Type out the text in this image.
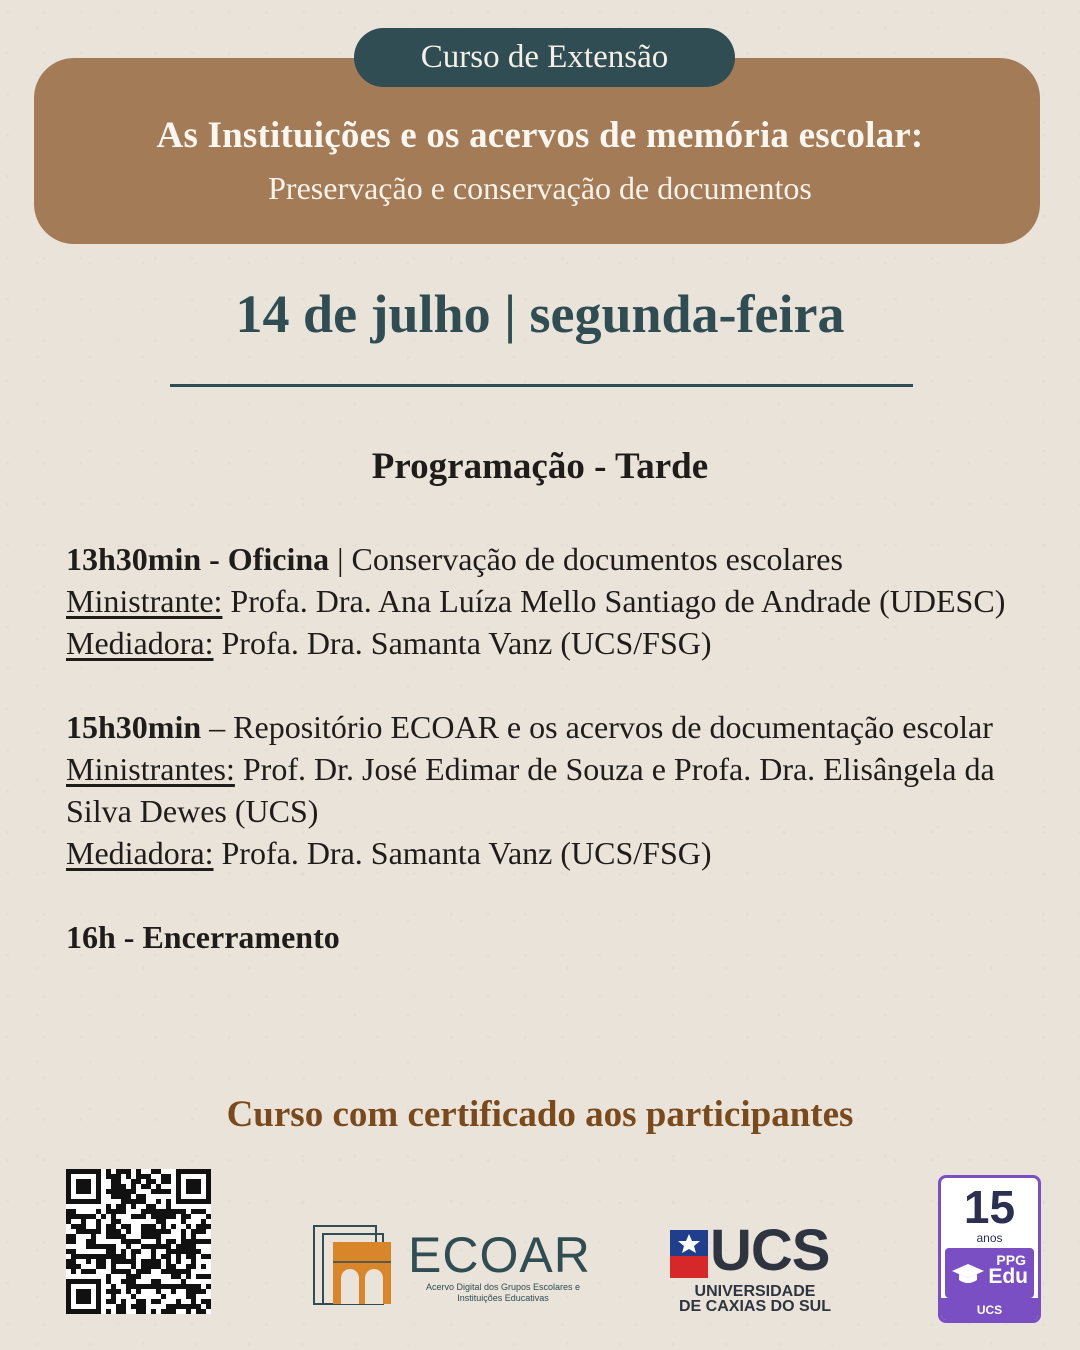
Curso de Extensão
As Instituições e os acervos de memória escolar:
Preservação e conservação de documentos
14 de julho | segunda-feira
Programação - Tarde

13h30min - Oficina | Conservação de documentos escolares

Ministrante: Profa. Dra. Ana Luíza Mello Santiago de Andrade (UDESC)

Mediadora: Profa. Dra. Samanta Vanz (UCS/FSG)

15h30min – Repositório ECOAR e os acervos de documentação escolar

Ministrantes: Prof. Dr. José Edimar de Souza e Profa. Dra. Elisângela da Silva Dewes (UCS)

Mediadora: Profa. Dra. Samanta Vanz (UCS/FSG)

16h - Encerramento

Curso com certificado aos participantes
ECOAR
Acervo Digital dos Grupos Escolares e Instituições Educativas
UCS
UNIVERSIDADE
DE CAXIAS DO SUL
15
anos
PPG
Edu
UCS
